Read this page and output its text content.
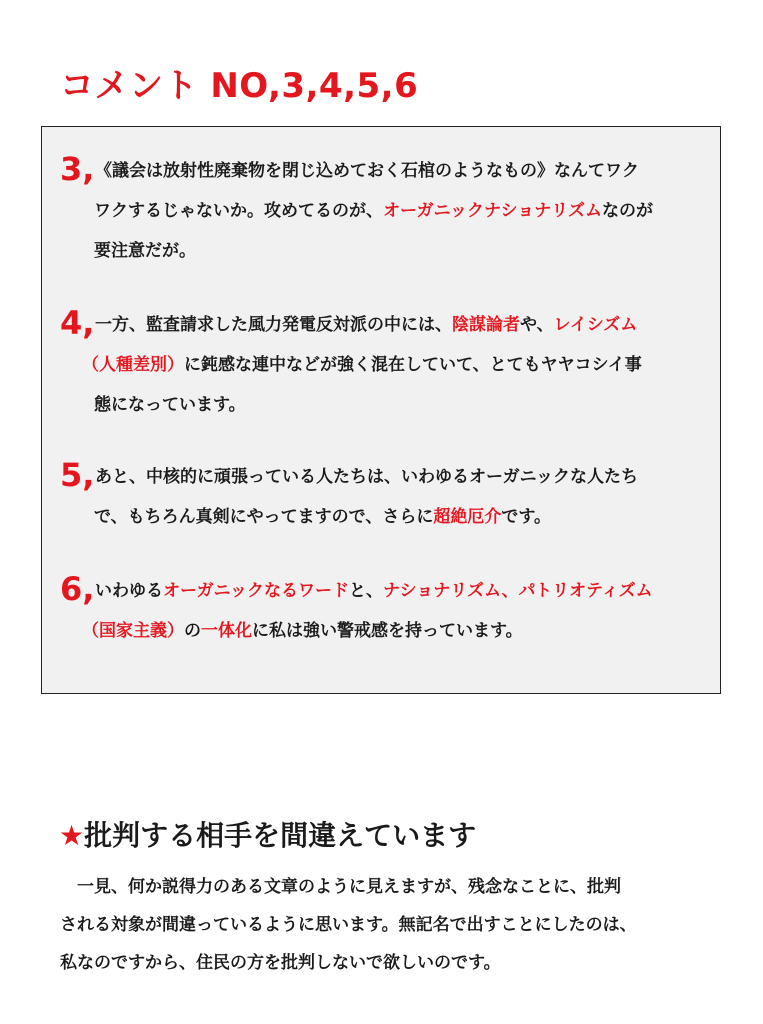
コメント NO,3,4,5,6
3, 《議会は放射性廃棄物を閉じ込めておく石棺のようなもの》なんてワク
ワクするじゃないか。攻めてるのが、オーガニックナショナリズムなのが
要注意だが。
4, 一方、監査請求した風力発電反対派の中には、陰謀論者や、レイシズム
（人種差別）に鈍感な連中などが強く混在していて、とてもヤヤコシイ事
態になっています。
5, あと、中核的に頑張っている人たちは、いわゆるオーガニックな人たち
で、もちろん真剣にやってますので、さらに超絶厄介です。
6, いわゆるオーガニックなるワードと、ナショナリズム、パトリオティズム
（国家主義）の一体化に私は強い警戒感を持っています。
★批判する相手を間違えています
　一見、何か説得力のある文章のように見えますが、残念なことに、批判
される対象が間違っているように思います。無記名で出すことにしたのは、
私なのですから、住民の方を批判しないで欲しいのです。
